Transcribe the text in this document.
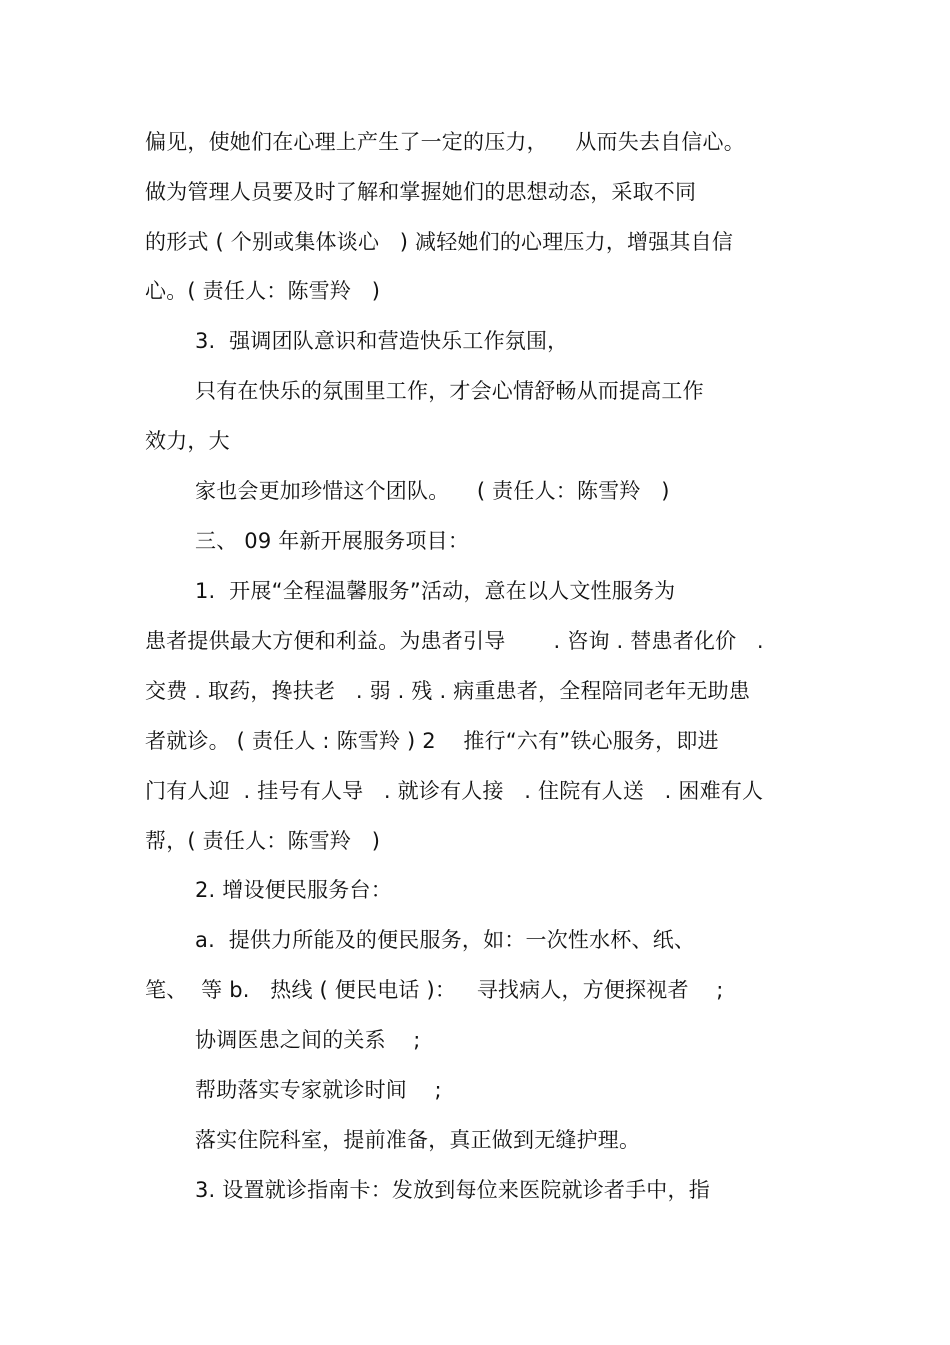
偏见，使她们在心理上产生了一定的压力，    从而失去自信心。
做为管理人员要及时了解和掌握她们的思想动态，采取不同
的形式 ( 个别或集体谈心   ) 减轻她们的心理压力，增强其自信
心。( 责任人：陈雪羚   )
3.  强调团队意识和营造快乐工作氛围，
只有在快乐的氛围里工作，才会心情舒畅从而提高工作
效力，大
家也会更加珍惜这个团队。    ( 责任人：陈雪羚   )
三、 09 年新开展服务项目：
1.  开展“全程温馨服务”活动，意在以人文性服务为
患者提供最大方便和利益。为患者引导       . 咨询 . 替患者化价   .
交费 . 取药，搀扶老   . 弱 . 残 . 病重患者，全程陪同老年无助患
者就诊。 ( 责任人 : 陈雪羚 ) 2    推行“六有”铁心服务，即进
门有人迎  . 挂号有人导   . 就诊有人接   . 住院有人送   . 困难有人
帮，( 责任人：陈雪羚   )
2. 增设便民服务台：
a.  提供力所能及的便民服务，如：一次性水杯、纸、
笔、  等 b.   热线 ( 便民电话 )：   寻找病人，方便探视者    ;
协调医患之间的关系    ;
帮助落实专家就诊时间    ;
落实住院科室，提前准备，真正做到无缝护理。
3. 设置就诊指南卡：发放到每位来医院就诊者手中，指
